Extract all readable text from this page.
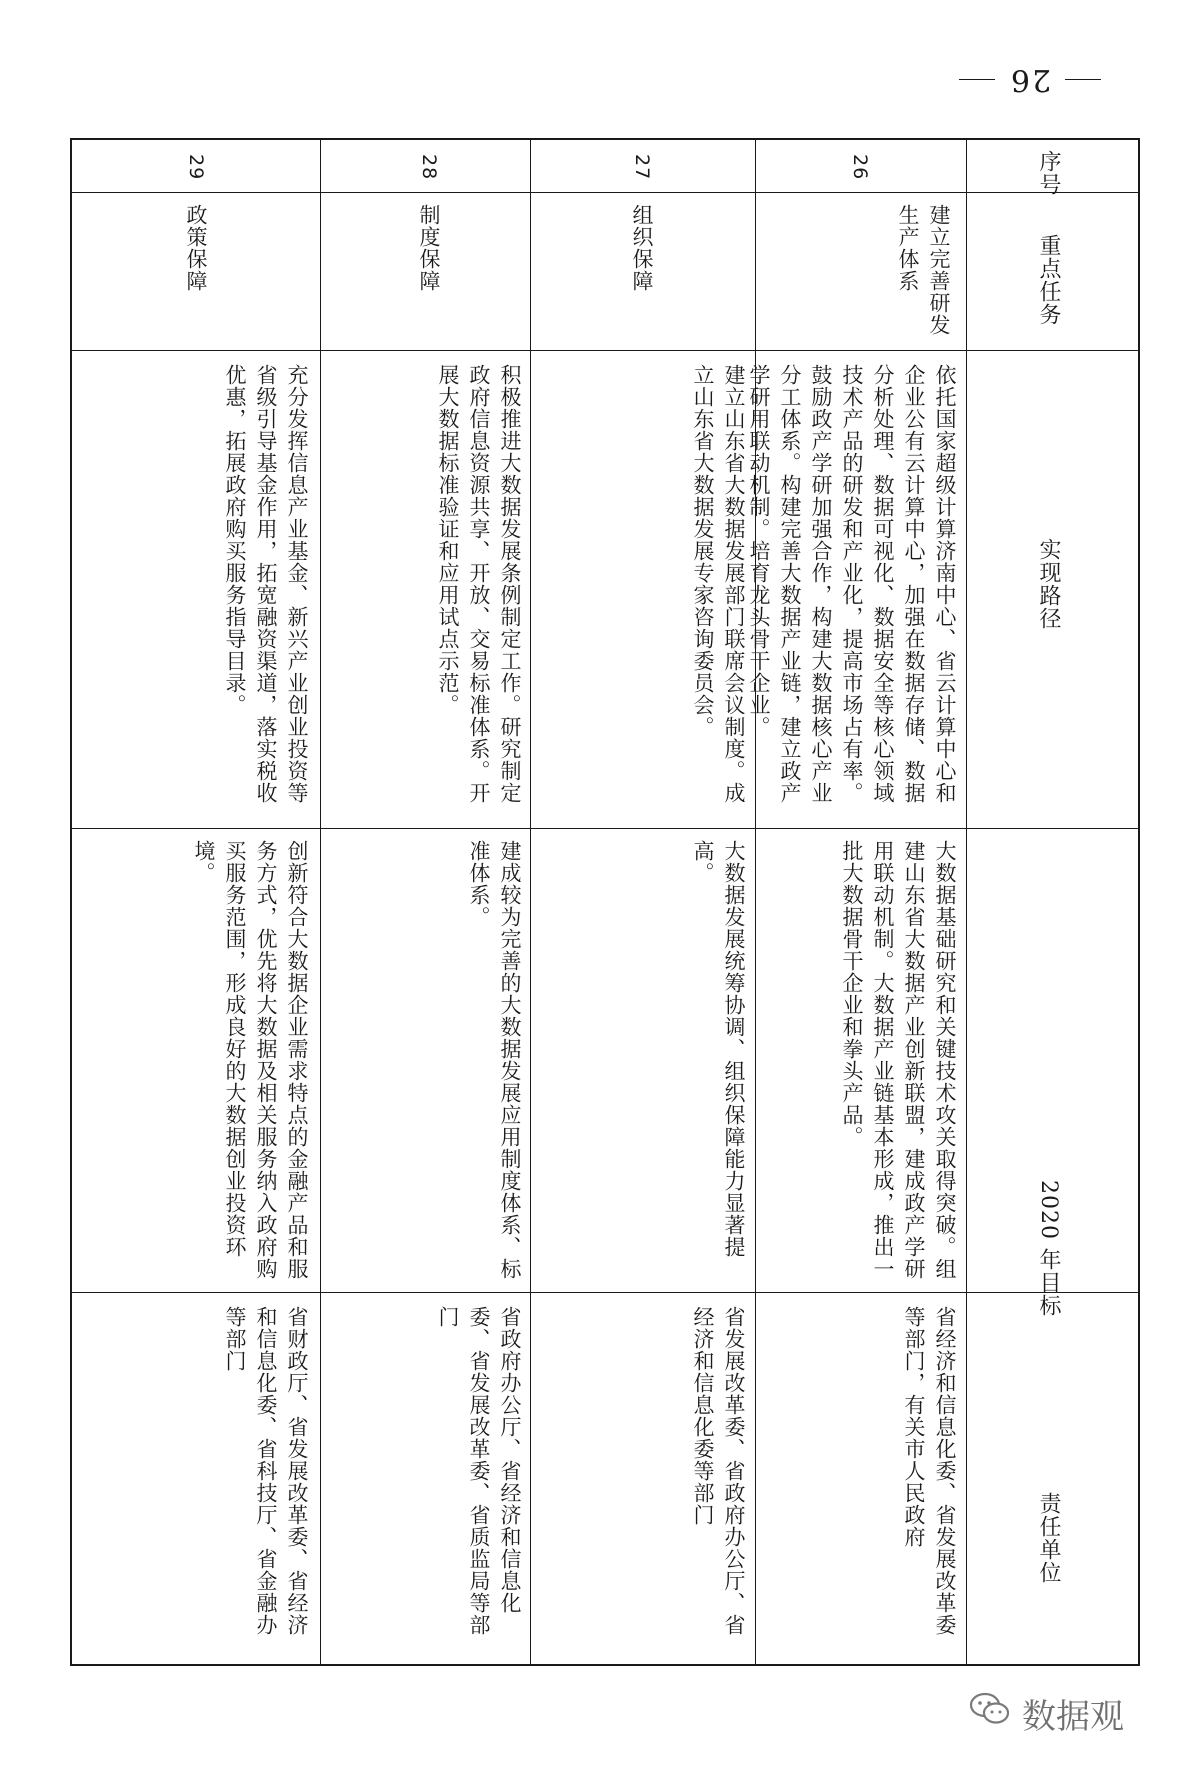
26
序号
重点任务
实现路径
2020 年目标
责任单位
26
建立完善研发生产体系
依托国家超级计算济南中心、省云计算中心和企业公有云计算中心，加强在数据存储、数据分析处理、数据可视化、数据安全等核心领域技术产品的研发和产业化，提高市场占有率。鼓励政产学研加强合作，构建大数据核心产业分工体系。构建完善大数据产业链，建立政产学研用联动机制。培育龙头骨干企业。
大数据基础研究和关键技术攻关取得突破。组建山东省大数据产业创新联盟，建成政产学研用联动机制。大数据产业链基本形成，推出一批大数据骨干企业和拳头产品。
省经济和信息化委、省发展改革委等部门，有关市人民政府
27
组织保障
建立山东省大数据发展部门联席会议制度。成立山东省大数据发展专家咨询委员会。
大数据发展统筹协调、组织保障能力显著提高。
省发展改革委、省政府办公厅、省经济和信息化委等部门
28
制度保障
积极推进大数据发展条例制定工作。研究制定政府信息资源共享、开放、交易标准体系。开展大数据标准验证和应用试点示范。
建成较为完善的大数据发展应用制度体系、标准体系。
省政府办公厅、省经济和信息化委、省发展改革委、省质监局等部门
29
政策保障
充分发挥信息产业基金、新兴产业创业投资等省级引导基金作用，拓宽融资渠道，落实税收优惠，拓展政府购买服务指导目录。
创新符合大数据企业需求特点的金融产品和服务方式，优先将大数据及相关服务纳入政府购买服务范围，形成良好的大数据创业投资环境。
省财政厅、省发展改革委、省经济和信息化委、省科技厅、省金融办等部门
数据观
